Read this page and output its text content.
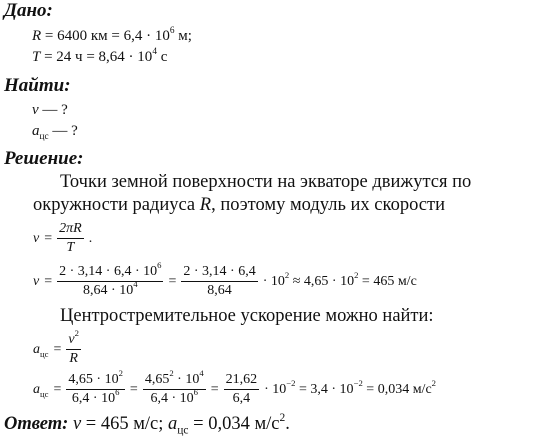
Дано:
R = 6400 км = $6,4 \cdot 10^6$ м;
T = 24 $ч = 8,64 \cdot 10^4$ с
Найти:
v — ?
$a_{цс}$ — ?
Решение:
Точки земной поверхности на экваторе движутся по
окружности радиуса R, поэтому модуль их скорости
$v = \frac{2\pi R}{T}$ .
$v = \frac{2 \cdot 3,14 \cdot 6,4 \cdot 10^6}{8,64 \cdot 10^4} = \frac{2 \cdot 3,14 \cdot 6,4}{8,64} \cdot 10^2 \approx 4,65 \cdot 10^2 = 465$ м/с
Центростремительное ускорение можно найти:
$a_{цс} = \frac{v^2}{R}$
$a_{цс} = \frac{4,65 \cdot 10^2}{6,4 \cdot 10^6} = \frac{4,65^2 \cdot 10^4}{6,4 \cdot 10^6} = \frac{21,62}{6,4} \cdot 10^{-2} = 3,4 \cdot 10^{-2} = 0,034$ $м/с^2$
Ответ: v = 465 м/с; $a_{цс} = 0,034$ $м/с^2$.
